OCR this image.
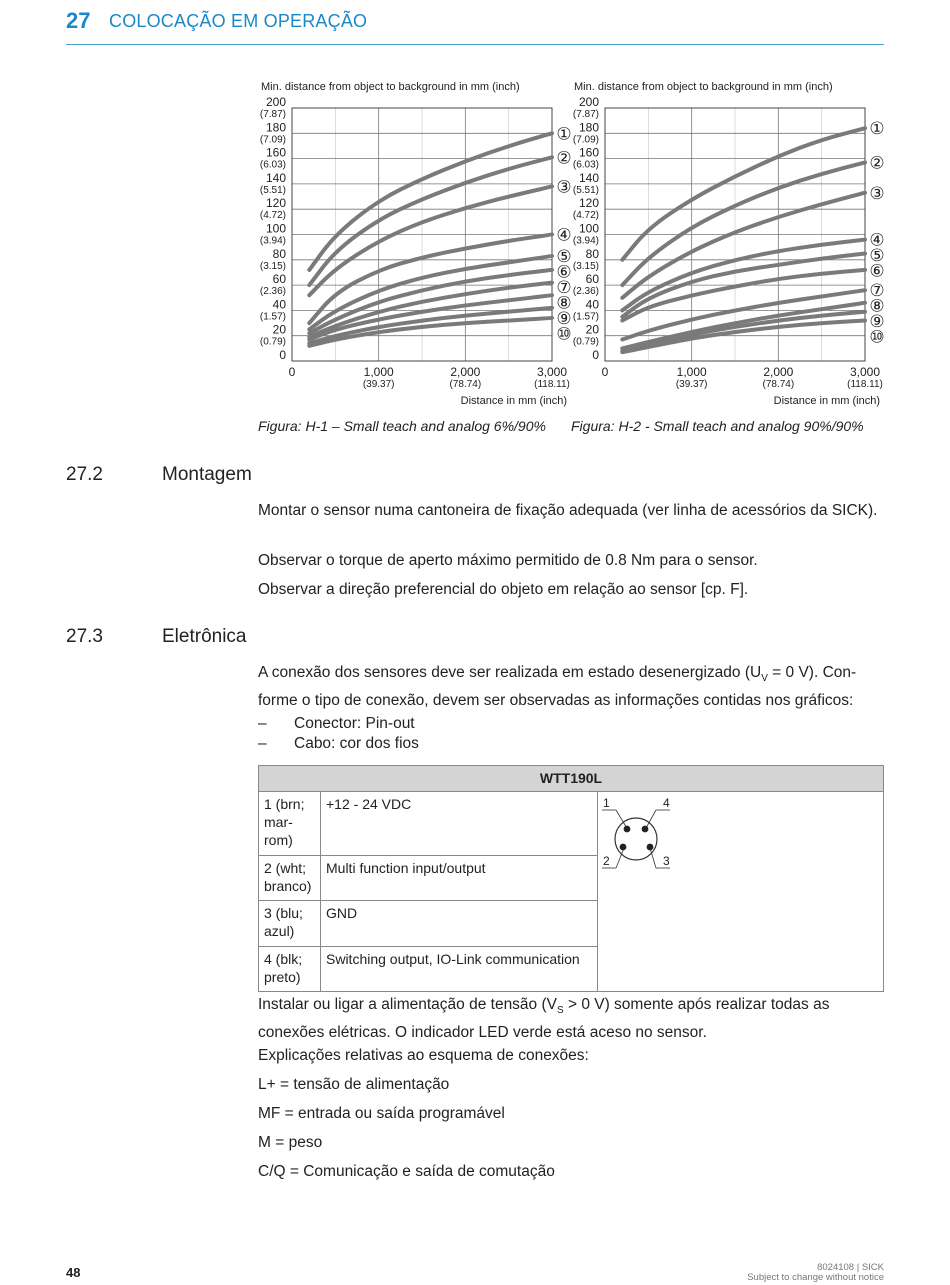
27 COLOCAÇÃO EM OPERAÇÃO
Min. distance from object to background in mm (inch)
200
(7.87)
180
(7.09)
160
(6.03)
140
(5.51)
120
(4.72)
100
(3.94)
80
(3.15)
60
(2.36)
40
(1.57)
20
(0.79)
0
0	1,000
(39.37)
2,000
(78.74)
3,000
(118.11)
Distance in mm (inch)
①
②
③
④
⑤
⑥
⑦
⑧
⑨
⑩
Min. distance from object to background in mm (inch)
200
(7.87)
180
(7.09)
160
(6.03)
140
(5.51)
120
(4.72)
100
(3.94)
80
(3.15)
60
(2.36)
40
(1.57)
20
(0.79)
0
0	1,000
(39.37)
2,000
(78.74)
3,000
(118.11)
Distance in mm (inch)
①
②
③
④
⑤
⑥
⑦
⑧
⑨
⑩
Figura: H-1 – Small teach and analog 6%/90% Figura: H-2 - Small teach and analog 90%/90%
27.2	Montagem
Montar o sensor numa cantoneira de fixação adequada (ver linha de acessórios da SICK).
Observar o torque de aperto máximo permitido de 0.8 Nm para o sensor.
Observar a direção preferencial do objeto em relação ao sensor [cp. F].
27.3	Eletrônica
A conexão dos sensores deve ser realizada em estado desenergizado ($U_V = 0$ V). Con-
forme o tipo de conexão, devem ser observadas as informações contidas nos gráficos:
– Conector: Pin-out
– Cabo: cor dos fios
WTT190L		
1 (brn; mar-rom)	+12 - 24 VDC	1 4
2 3

2 (wht; branco)	Multi function input/output	
3 (blu; azul)	GND	
4 (blk; preto)	Switching output, IO-Link communication	
Instalar ou ligar a alimentação de tensão ($V_S > 0$ V) somente após realizar todas as conexões elétricas. O indicador LED verde está aceso no sensor.
Explicações relativas ao esquema de conexões:
L+ = tensão de alimentação
MF = entrada ou saída programável
M = peso
C/Q = Comunicação e saída de comutação
48	8024108 | SICK
Subject to change without notice
